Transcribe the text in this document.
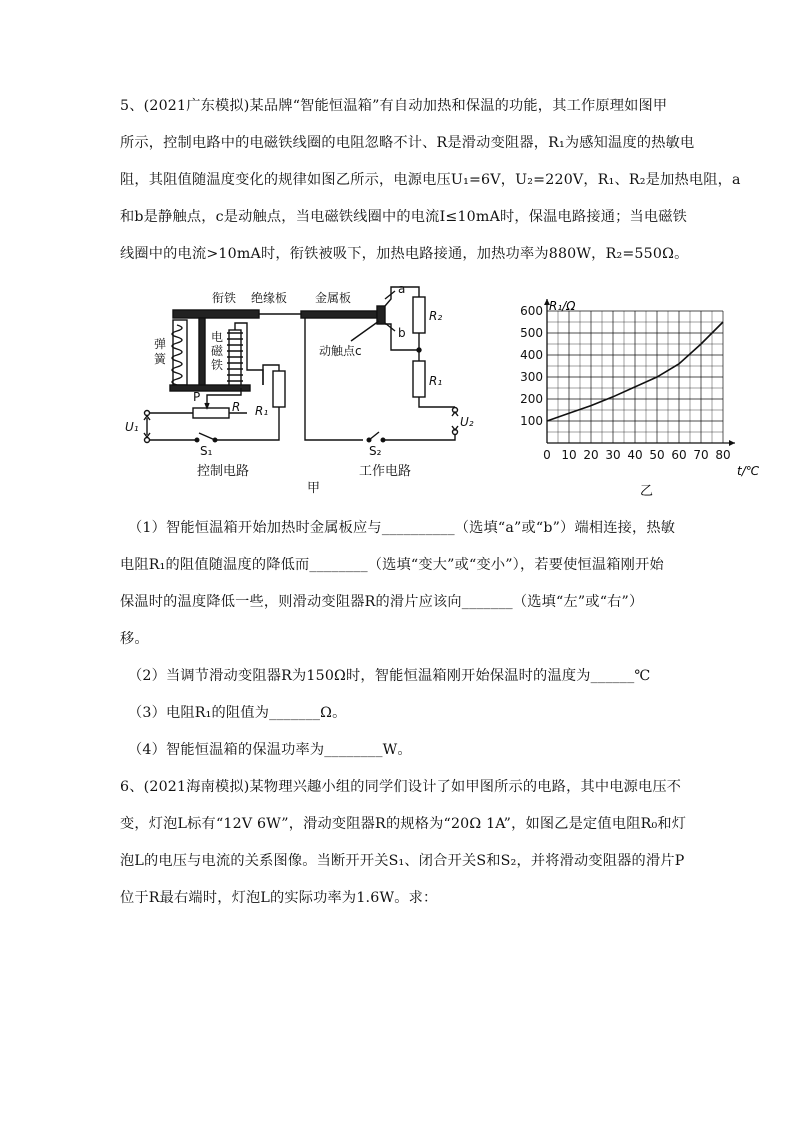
5、(2021广东模拟)某品牌“智能恒温箱”有自动加热和保温的功能，其工作原理如图甲
所示，控制电路中的电磁铁线圈的电阻忽略不计、R是滑动变阻器，R₁为感知温度的热敏电
阻，其阻值随温度变化的规律如图乙所示，电源电压U₁=6V，U₂=220V，R₁、R₂是加热电阻，a
和b是静触点，c是动触点，当电磁铁线圈中的电流I≤10mA时，保温电路接通；当电磁铁
线圈中的电流>10mA时，衔铁被吸下，加热电路接通，加热功率为880W，R₂=550Ω。
衔铁 绝缘板 金属板
a
b
动触点c
R₂
R₁
弹
簧
电
磁
铁
P
R R₁
U₁	U₂
S₁	S₂
控制电路	工作电路
甲
0 10 20 30 40 50 60 70 80
100
200
300
400
500
600 R₁/Ω
t/℃
乙
（1）智能恒温箱开始加热时金属板应与__________（选填“a”或“b”）端相连接，热敏
电阻R₁的阻值随温度的降低而________（选填“变大”或“变小”），若要使恒温箱刚开始
保温时的温度降低一些，则滑动变阻器R的滑片应该向_______（选填“左”或“右”）
移。
（2）当调节滑动变阻器R为150Ω时，智能恒温箱刚开始保温时的温度为______℃
（3）电阻R₁的阻值为_______Ω。
（4）智能恒温箱的保温功率为________W。
6、(2021海南模拟)某物理兴趣小组的同学们设计了如甲图所示的电路，其中电源电压不
变，灯泡L标有“12V 6W”，滑动变阻器R的规格为“20Ω 1A”，如图乙是定值电阻R₀和灯
泡L的电压与电流的关系图像。当断开开关S₁、闭合开关S和S₂，并将滑动变阻器的滑片P
位于R最右端时，灯泡L的实际功率为1.6W。求：
